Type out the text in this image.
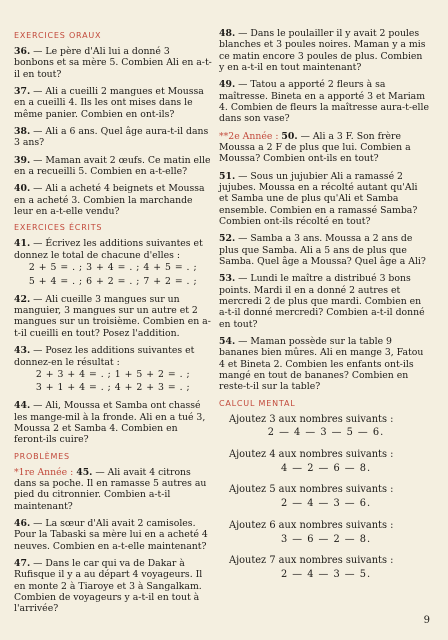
EXERCICES ORAUX
36. — Le père d'Ali lui a donné 3 bonbons et sa mère 5. Combien Ali en a-t-il en tout?
37. — Ali a cueilli 2 mangues et Moussa en a cueilli 4. Ils les ont mises dans le même panier. Combien en ont-ils?
38. — Ali a 6 ans. Quel âge aura-t-il dans 3 ans?
39. — Maman avait 2 œufs. Ce matin elle en a recueilli 5. Combien en a-t-elle?
40. — Ali a acheté 4 beignets et Moussa en a acheté 3. Combien la marchande leur en a-t-elle vendu?
EXERCICES ÉCRITS
41. — Écrivez les additions suivantes et donnez le total de chacune d'elles :
2 + 5 = . ; 3 + 4 = . ; 4 + 5 = . ;
5 + 4 = . ; 6 + 2 = . ; 7 + 2 = . ;
42. — Ali cueille 3 mangues sur un manguier, 3 mangues sur un autre et 2 mangues sur un troisième. Combien en a-t-il cueilli en tout? Posez l'addition.
43. — Posez les additions suivantes et donnez-en le résultat :
2 + 3 + 4 = . ; 1 + 5 + 2 = . ;
3 + 1 + 4 = . ; 4 + 2 + 3 = . ;
44. — Ali, Moussa et Samba ont chassé les mange-mil à la fronde. Ali en a tué 3, Moussa 2 et Samba 4. Combien en feront-ils cuire?
PROBLÈMES
*1re Année : 45. — Ali avait 4 citrons dans sa poche. Il en ramasse 5 autres au pied du citronnier. Combien a-t-il maintenant?
46. — La sœur d'Ali avait 2 camisoles. Pour la Tabaski sa mère lui en a acheté 4 neuves. Combien en a-t-elle maintenant?
47. — Dans le car qui va de Dakar à Rufisque il y a au départ 4 voyageurs. Il en monte 2 à Tiaroye et 3 à Sangalkam. Combien de voyageurs y a-t-il en tout à l'arrivée?
48. — Dans le poulailler il y avait 2 poules blanches et 3 poules noires. Maman y a mis ce matin encore 3 poules de plus. Combien y en a-t-il en tout maintenant?
49. — Tatou a apporté 2 fleurs à sa maîtresse. Bineta en a apporté 3 et Mariam 4. Combien de fleurs la maîtresse aura-t-elle dans son vase?
**2e Année : 50. — Ali a 3 F. Son frère Moussa a 2 F de plus que lui. Combien a Moussa? Combien ont-ils en tout?
51. — Sous un jujubier Ali a ramassé 2 jujubes. Moussa en a récolté autant qu'Ali et Samba une de plus qu'Ali et Samba ensemble. Combien en a ramassé Samba? Combien ont-ils récolté en tout?
52. — Samba a 3 ans. Moussa a 2 ans de plus que Samba. Ali a 5 ans de plus que Samba. Quel âge a Moussa? Quel âge a Ali?
53. — Lundi le maître a distribué 3 bons points. Mardi il en a donné 2 autres et mercredi 2 de plus que mardi. Combien en a-t-il donné mercredi? Combien a-t-il donné en tout?
54. — Maman possède sur la table 9 bananes bien mûres. Ali en mange 3, Fatou 4 et Bineta 2. Combien les enfants ont-ils mangé en tout de bananes? Combien en reste-t-il sur la table?
CALCUL MENTAL
Ajoutez 3 aux nombres suivants :
2 — 4 — 3 — 5 — 6.
Ajoutez 4 aux nombres suivants :
4 — 2 — 6 — 8.
Ajoutez 5 aux nombres suivants :
2 — 4 — 3 — 6.
Ajoutez 6 aux nombres suivants :
3 — 6 — 2 — 8.
Ajoutez 7 aux nombres suivants :
2 — 4 — 3 — 5.
9
